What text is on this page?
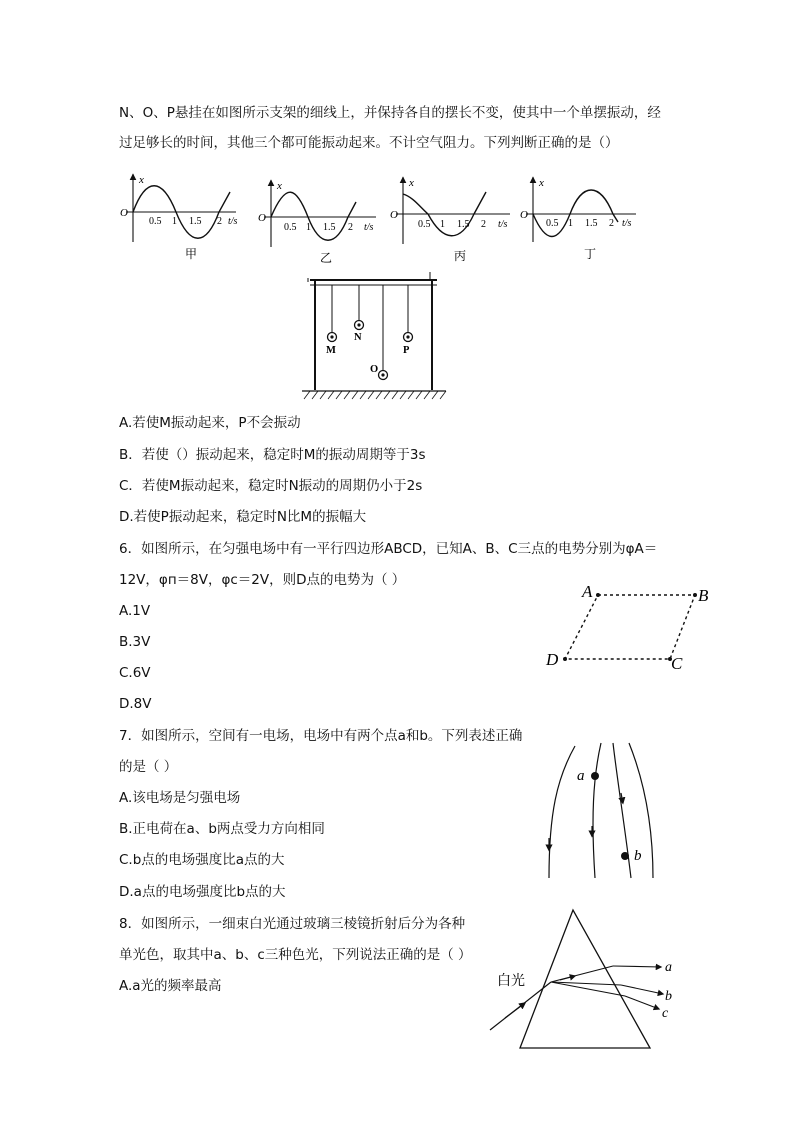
N、O、P悬挂在如图所示支架的细线上，并保持各自的摆长不变，使其中一个单摆振动，经
过足够长的时间，其他三个都可能振动起来。不计空气阻力。下列判断正确的是（）
x
O
0.5 1 1.5 2 t/s
甲
x
O
0.5 1 1.5 2 t/s
乙
x
O
0.5 1 1.5 2 t/s
丙
x
O
0.5 1 1.5 2 t/s
丁
M
N
O
P
A.若使M振动起来，P不会振动
B．若使（）振动起来，稳定时M的振动周期等于3s
C．若使M振动起来，稳定时N振动的周期仍小于2s
D.若使P振动起来，稳定时N比M的振幅大
6．如图所示，在匀强电场中有一平行四边形ABCD，已知A、B、C三点的电势分别为φA＝
12V，φп＝8V，φc＝2V，则D点的电势为（ ）
A.1V
B.3V
C.6V
D.8V
A	B
C
D
7．如图所示，空间有一电场，电场中有两个点a和b。下列表述正确
的是（ ）
A.该电场是匀强电场
B.正电荷在a、b两点受力方向相同
C.b点的电场强度比a点的大
D.a点的电场强度比b点的大
a
b
8．如图所示，一细束白光通过玻璃三棱镜折射后分为各种
单光色，取其中a、b、c三种色光，下列说法正确的是（ ）
A.a光的频率最高	白光
a
b
c
